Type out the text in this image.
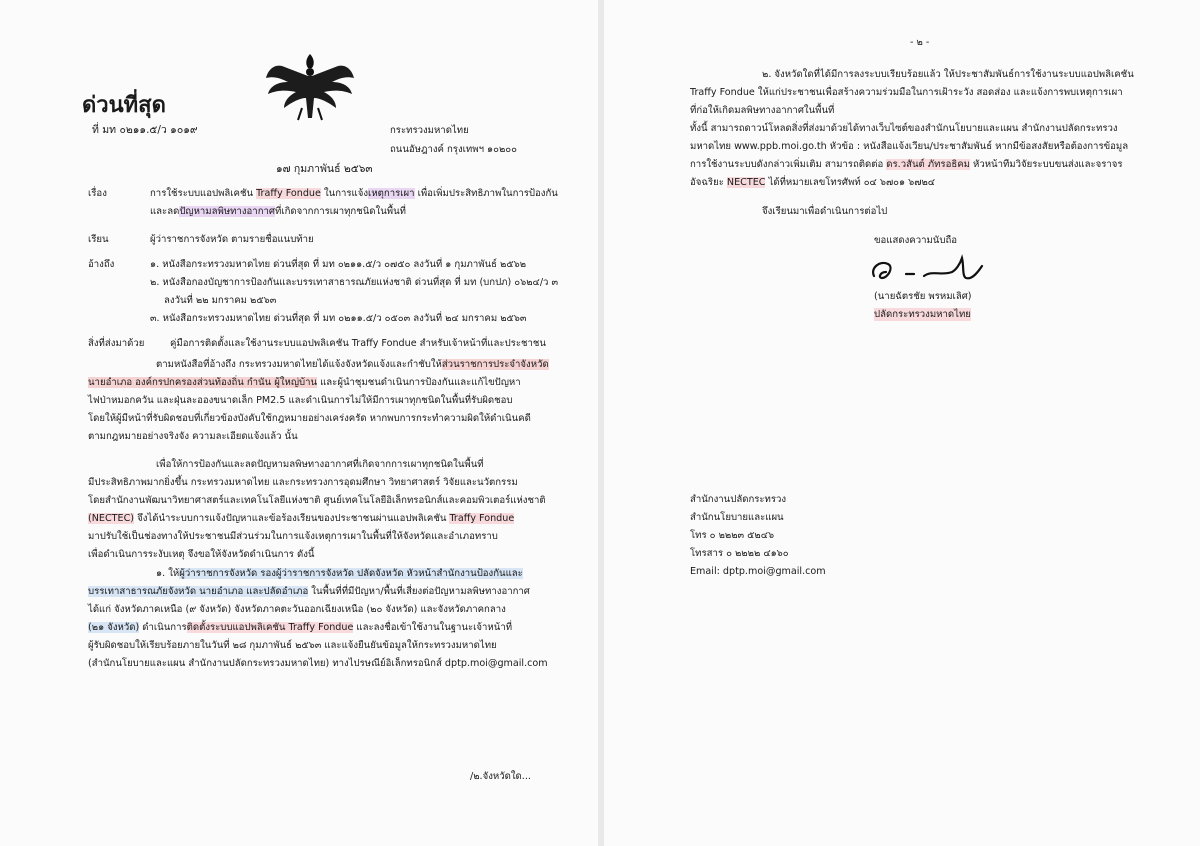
ด่วนที่สุด
ที่ มท ๐๒๑๑.๕/ว ๑๐๑๙	กระทรวงมหาดไทย
ถนนอัษฎางค์ กรุงเทพฯ ๑๐๒๐๐
๑๗ กุมภาพันธ์ ๒๕๖๓
เรื่อง	การใช้ระบบแอปพลิเคชัน Traffy Fondue ในการแจ้งเหตุการเผา เพื่อเพิ่มประสิทธิภาพในการป้องกัน
และลดปัญหามลพิษทางอากาศที่เกิดจากการเผาทุกชนิดในพื้นที่
เรียน	ผู้ว่าราชการจังหวัด ตามรายชื่อแนบท้าย
อ้างถึง	๑. หนังสือกระทรวงมหาดไทย ด่วนที่สุด ที่ มท ๐๒๑๑.๕/ว ๐๗๕๐ ลงวันที่ ๑ กุมภาพันธ์ ๒๕๖๒
๒. หนังสือกองบัญชาการป้องกันและบรรเทาสาธารณภัยแห่งชาติ ด่วนที่สุด ที่ มท (บกปภ) ๐๖๒๔/ว ๓
ลงวันที่ ๒๒ มกราคม ๒๕๖๓
๓. หนังสือกระทรวงมหาดไทย ด่วนที่สุด ที่ มท ๐๒๑๑.๕/ว ๐๕๐๓ ลงวันที่ ๒๔ มกราคม ๒๕๖๓
สิ่งที่ส่งมาด้วย	คู่มือการติดตั้งและใช้งานระบบแอปพลิเคชัน Traffy Fondue สำหรับเจ้าหน้าที่และประชาชน
ตามหนังสือที่อ้างถึง กระทรวงมหาดไทยได้แจ้งจังหวัดแจ้งและกำชับให้ส่วนราชการประจำจังหวัด
นายอำเภอ องค์กรปกครองส่วนท้องถิ่น กำนัน ผู้ใหญ่บ้าน และผู้นำชุมชนดำเนินการป้องกันและแก้ไขปัญหา
ไฟป่าหมอกควัน และฝุ่นละอองขนาดเล็ก PM2.5 และดำเนินการไม่ให้มีการเผาทุกชนิดในพื้นที่รับผิดชอบ
โดยให้ผู้มีหน้าที่รับผิดชอบที่เกี่ยวข้องบังคับใช้กฎหมายอย่างเคร่งครัด หากพบการกระทำความผิดให้ดำเนินคดี
ตามกฎหมายอย่างจริงจัง ความละเอียดแจ้งแล้ว นั้น
เพื่อให้การป้องกันและลดปัญหามลพิษทางอากาศที่เกิดจากการเผาทุกชนิดในพื้นที่
มีประสิทธิภาพมากยิ่งขึ้น กระทรวงมหาดไทย และกระทรวงการอุดมศึกษา วิทยาศาสตร์ วิจัยและนวัตกรรม
โดยสำนักงานพัฒนาวิทยาศาสตร์และเทคโนโลยีแห่งชาติ ศูนย์เทคโนโลยีอิเล็กทรอนิกส์และคอมพิวเตอร์แห่งชาติ
(NECTEC) จึงได้นำระบบการแจ้งปัญหาและข้อร้องเรียนของประชาชนผ่านแอปพลิเคชัน Traffy Fondue
มาปรับใช้เป็นช่องทางให้ประชาชนมีส่วนร่วมในการแจ้งเหตุการเผาในพื้นที่ให้จังหวัดและอำเภอทราบ
เพื่อดำเนินการระงับเหตุ จึงขอให้จังหวัดดำเนินการ ดังนี้
๑. ให้ผู้ว่าราชการจังหวัด รองผู้ว่าราชการจังหวัด ปลัดจังหวัด หัวหน้าสำนักงานป้องกันและ
บรรเทาสาธารณภัยจังหวัด นายอำเภอ และปลัดอำเภอ ในพื้นที่ที่มีปัญหา/พื้นที่เสี่ยงต่อปัญหามลพิษทางอากาศ
ได้แก่ จังหวัดภาคเหนือ (๙ จังหวัด) จังหวัดภาคตะวันออกเฉียงเหนือ (๒๐ จังหวัด) และจังหวัดภาคกลาง
(๒๑ จังหวัด) ดำเนินการติดตั้งระบบแอปพลิเคชัน Traffy Fondue และลงชื่อเข้าใช้งานในฐานะเจ้าหน้าที่
ผู้รับผิดชอบให้เรียบร้อยภายในวันที่ ๒๘ กุมภาพันธ์ ๒๕๖๓ และแจ้งยืนยันข้อมูลให้กระทรวงมหาดไทย
(สำนักนโยบายและแผน สำนักงานปลัดกระทรวงมหาดไทย) ทางไปรษณีย์อิเล็กทรอนิกส์ dptp.moi@gmail.com
/๒.จังหวัดใด...
- ๒ -
๒. จังหวัดใดที่ได้มีการลงระบบเรียบร้อยแล้ว ให้ประชาสัมพันธ์การใช้งานระบบแอปพลิเคชัน
Traffy Fondue ให้แก่ประชาชนเพื่อสร้างความร่วมมือในการเฝ้าระวัง สอดส่อง และแจ้งการพบเหตุการเผา
ที่ก่อให้เกิดมลพิษทางอากาศในพื้นที่
ทั้งนี้ สามารถดาวน์โหลดสิ่งที่ส่งมาด้วยได้ทางเว็บไซต์ของสำนักนโยบายและแผน สำนักงานปลัดกระทรวง
มหาดไทย www.ppb.moi.go.th หัวข้อ : หนังสือแจ้งเวียน/ประชาสัมพันธ์ หากมีข้อสงสัยหรือต้องการข้อมูล
การใช้งานระบบดังกล่าวเพิ่มเติม สามารถติดต่อ ดร.วสันต์ ภัทรอธิคม หัวหน้าทีมวิจัยระบบขนส่งและจราจร
อัจฉริยะ NECTEC ได้ที่หมายเลขโทรศัพท์ ๐๔ ๖๗๐๑ ๖๗๒๔
จึงเรียนมาเพื่อดำเนินการต่อไป
ขอแสดงความนับถือ
(นายฉัตรชัย พรหมเลิศ)
ปลัดกระทรวงมหาดไทย
สำนักงานปลัดกระทรวง
สำนักนโยบายและแผน
โทร ๐ ๒๒๒๓ ๕๒๔๖
โทรสาร ๐ ๒๒๒๒ ๔๑๖๐
Email: dptp.moi@gmail.com
